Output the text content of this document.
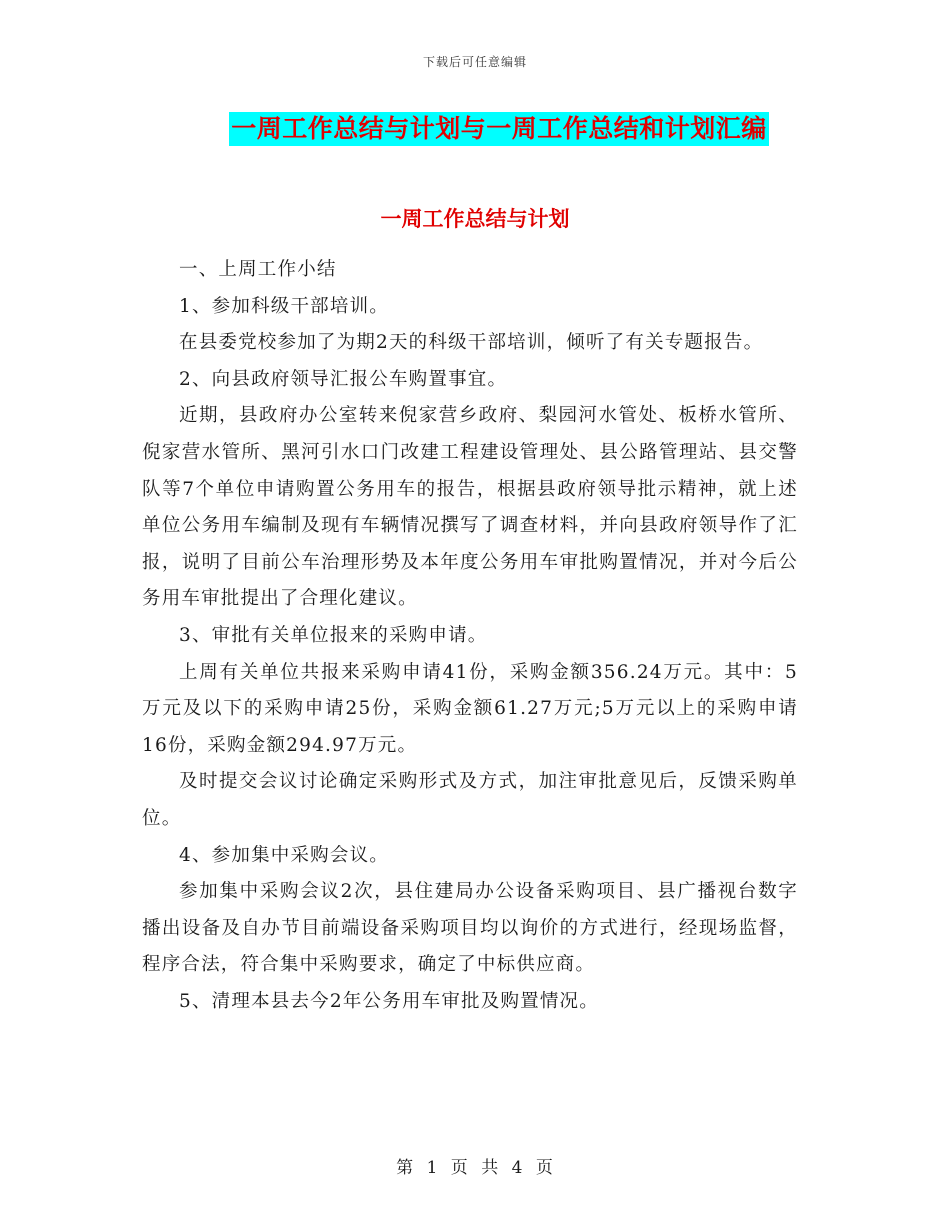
下载后可任意编辑
一周工作总结与计划与一周工作总结和计划汇编
一周工作总结与计划

一、上周工作小结

1、参加科级干部培训。

在县委党校参加了为期2天的科级干部培训，倾听了有关专题报告。

2、向县政府领导汇报公车购置事宜。

近期，县政府办公室转来倪家营乡政府、梨园河水管处、板桥水管所、倪家营水管所、黑河引水口门改建工程建设管理处、县公路管理站、县交警队等7个单位申请购置公务用车的报告，根据县政府领导批示精神，就上述单位公务用车编制及现有车辆情况撰写了调查材料，并向县政府领导作了汇报，说明了目前公车治理形势及本年度公务用车审批购置情况，并对今后公务用车审批提出了合理化建议。

3、审批有关单位报来的采购申请。

上周有关单位共报来采购申请41份，采购金额356.24万元。其中：5万元及以下的采购申请25份，采购金额61.27万元;5万元以上的采购申请16份，采购金额294.97万元。

及时提交会议讨论确定采购形式及方式，加注审批意见后，反馈采购单位。

4、参加集中采购会议。

参加集中采购会议2次，县住建局办公设备采购项目、县广播视台数字播出设备及自办节目前端设备采购项目均以询价的方式进行，经现场监督，程序合法，符合集中采购要求，确定了中标供应商。

5、清理本县去今2年公务用车审批及购置情况。

第 1 页 共 4 页
